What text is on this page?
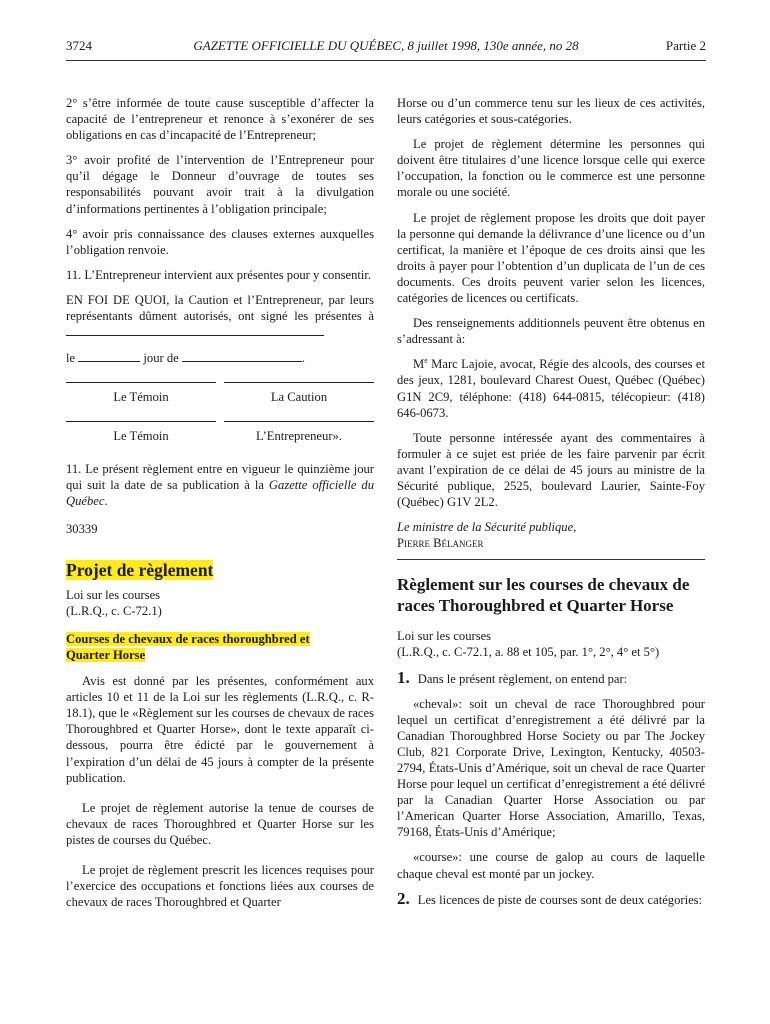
3724	GAZETTE OFFICIELLE DU QUÉBEC, 8 juillet 1998, 130e année, no 28	Partie 2

2° s’être informée de toute cause susceptible d’affecter la capacité de l’entrepreneur et renonce à s’exonérer de ses obligations en cas d’incapacité de l’Entrepreneur;

3° avoir profité de l’intervention de l’Entrepreneur pour qu’il dégage le Donneur d’ouvrage de toutes ses responsabilités pouvant avoir trait à la divulgation d’informations pertinentes à l’obligation principale;

4° avoir pris connaissance des clauses externes auxquelles l’obligation renvoie.

11. L’Entrepreneur intervient aux présentes pour y consentir.

EN FOI DE QUOI, la Caution et l’Entrepreneur, par leurs représentants dûment autorisés, ont signé les présentes à

le	jour de	.

Le Témoin	La Caution
Le Témoin	L’Entrepreneur».

11. Le présent règlement entre en vigueur le quinzième jour qui suit la date de sa publication à la Gazette officielle du Québec.

30339

Projet de règlement

Loi sur les courses

(L.R.Q., c. C-72.1)

Courses de chevaux de races thoroughbred et Quarter Horse

Avis est donné par les présentes, conformément aux articles 10 et 11 de la Loi sur les règlements (L.R.Q., c. R-18.1), que le «Règlement sur les courses de chevaux de races Thoroughbred et Quarter Horse», dont le texte apparaît ci-dessous, pourra être édicté par le gouvernement à l’expiration d’un délai de 45 jours à compter de la présente publication.

Le projet de règlement autorise la tenue de courses de chevaux de races Thoroughbred et Quarter Horse sur les pistes de courses du Québec.

Le projet de règlement prescrit les licences requises pour l’exercice des occupations et fonctions liées aux courses de chevaux de races Thoroughbred et Quarter

Horse ou d’un commerce tenu sur les lieux de ces activités, leurs catégories et sous-catégories.

Le projet de règlement détermine les personnes qui doivent être titulaires d’une licence lorsque celle qui exerce l’occupation, la fonction ou le commerce est une personne morale ou une société.

Le projet de règlement propose les droits que doit payer la personne qui demande la délivrance d’une licence ou d’un certificat, la manière et l’époque de ces droits ainsi que les droits à payer pour l’obtention d’un duplicata de l’un de ces documents. Ces droits peuvent varier selon les licences, catégories de licences ou certificats.

Des renseignements additionnels peuvent être obtenus en s’adressant à:

Me Marc Lajoie, avocat, Régie des alcools, des courses et des jeux, 1281, boulevard Charest Ouest, Québec (Québec) G1N 2C9, téléphone: (418) 644-0815, télécopieur: (418) 646-0673.

Toute personne intéressée ayant des commentaires à formuler à ce sujet est priée de les faire parvenir par écrit avant l’expiration de ce délai de 45 jours au ministre de la Sécurité publique, 2525, boulevard Laurier, Sainte-Foy (Québec) G1V 2L2.

Le ministre de la Sécurité publique,

Pierre Bélanger

Règlement sur les courses de chevaux de races Thoroughbred et Quarter Horse

Loi sur les courses

(L.R.Q., c. C-72.1, a. 88 et 105, par. 1°, 2°, 4° et 5°)

1. Dans le présent règlement, on entend par:

«cheval»: soit un cheval de race Thoroughbred pour lequel un certificat d’enregistrement a été délivré par la Canadian Thoroughbred Horse Society ou par The Jockey Club, 821 Corporate Drive, Lexington, Kentucky, 40503-2794, États-Unis d’Amérique, soit un cheval de race Quarter Horse pour lequel un certificat d’enregistrement a été délivré par la Canadian Quarter Horse Association ou par l’American Quarter Horse Association, Amarillo, Texas, 79168, États-Unis d’Amérique;

«course»: une course de galop au cours de laquelle chaque cheval est monté par un jockey.

2. Les licences de piste de courses sont de deux catégories:
